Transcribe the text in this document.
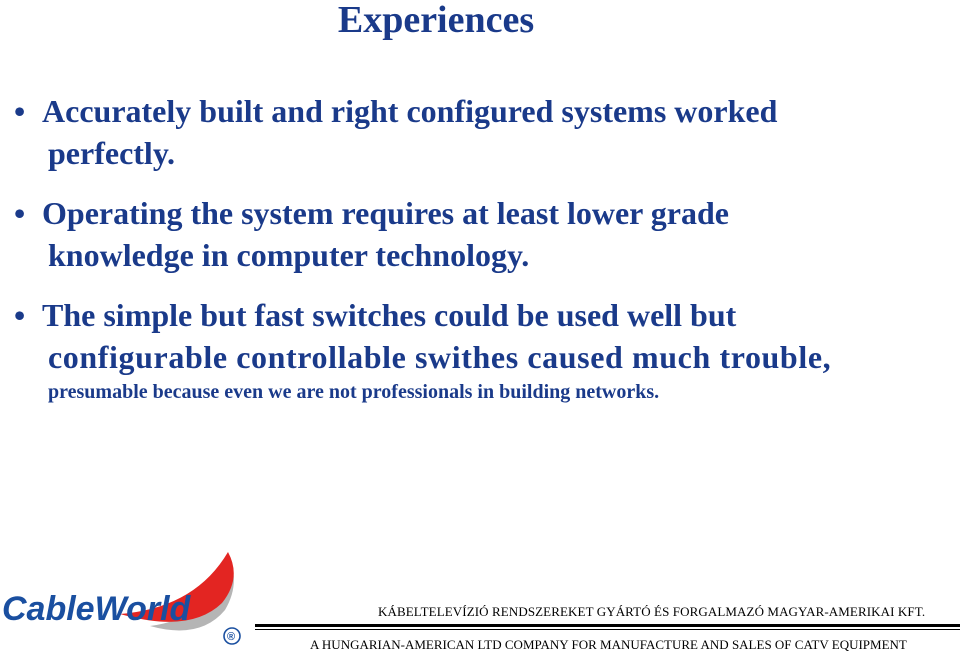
Experiences
• Accurately built and right configured systems worked
perfectly.
• Operating the system requires at least lower grade
knowledge in computer technology.
• The simple but fast switches could be used well but
configurable controllable swithes caused much trouble,
presumable because even we are not professionals in building networks.
CableWorld
®
KÁBELTELEVÍZIÓ RENDSZEREKET GYÁRTÓ ÉS FORGALMAZÓ MAGYAR-AMERIKAI KFT.
A HUNGARIAN-AMERICAN LTD COMPANY FOR MANUFACTURE AND SALES OF CATV EQUIPMENT
